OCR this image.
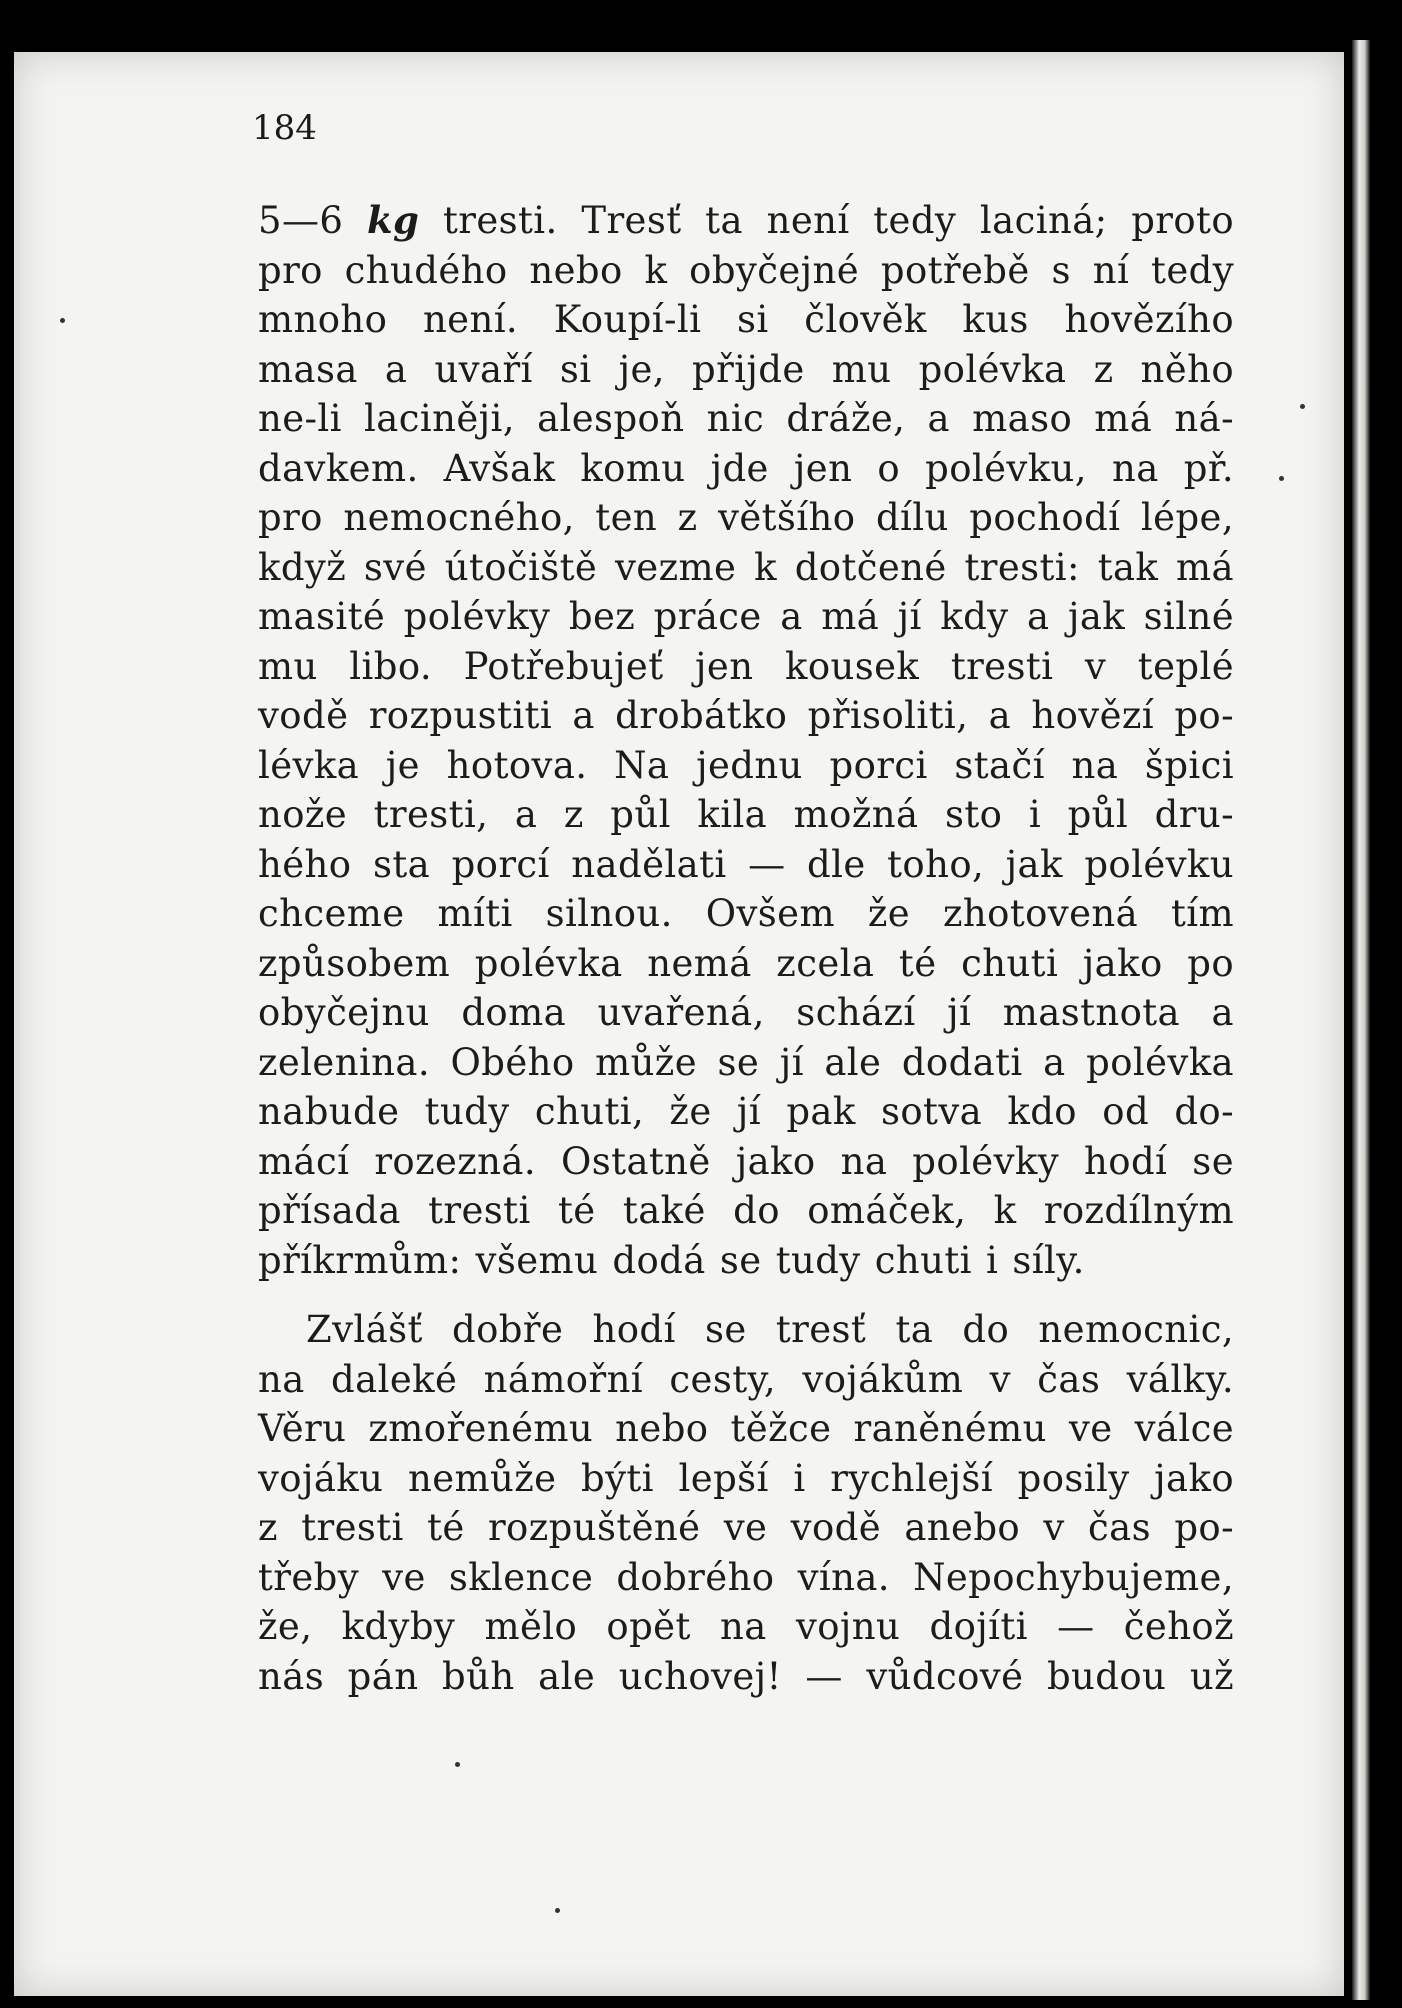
184
5—6 kg tresti. Tresť ta není tedy laciná; proto
pro chudého nebo k obyčejné potřebě s ní tedy
mnoho není. Koupí-li si člověk kus hovězího
masa a uvaří si je, přijde mu polévka z něho
ne-li laciněji, alespoň nic dráže, a maso má ná-
davkem. Avšak komu jde jen o polévku, na př.
pro nemocného, ten z většího dílu pochodí lépe,
když své útočiště vezme k dotčené tresti: tak má
masité polévky bez práce a má jí kdy a jak silné
mu libo. Potřebujeť jen kousek tresti v teplé
vodě rozpustiti a drobátko přisoliti, a hovězí po-
lévka je hotova. Na jednu porci stačí na špici
nože tresti, a z půl kila možná sto i půl dru-
hého sta porcí nadělati — dle toho, jak polévku
chceme míti silnou. Ovšem že zhotovená tím
způsobem polévka nemá zcela té chuti jako po
obyčejnu doma uvařená, schází jí mastnota a
zelenina. Obého může se jí ale dodati a polévka
nabude tudy chuti, že jí pak sotva kdo od do-
mácí rozezná. Ostatně jako na polévky hodí se
přísada tresti té také do omáček, k rozdílným
příkrmům: všemu dodá se tudy chuti i síly.
Zvlášť dobře hodí se tresť ta do nemocnic,
na daleké námořní cesty, vojákům v čas války.
Věru zmořenému nebo těžce raněnému ve válce
vojáku nemůže býti lepší i rychlejší posily jako
z tresti té rozpuštěné ve vodě anebo v čas po-
třeby ve sklence dobrého vína. Nepochybujeme,
že, kdyby mělo opět na vojnu dojíti — čehož
nás pán bůh ale uchovej! — vůdcové budou už
